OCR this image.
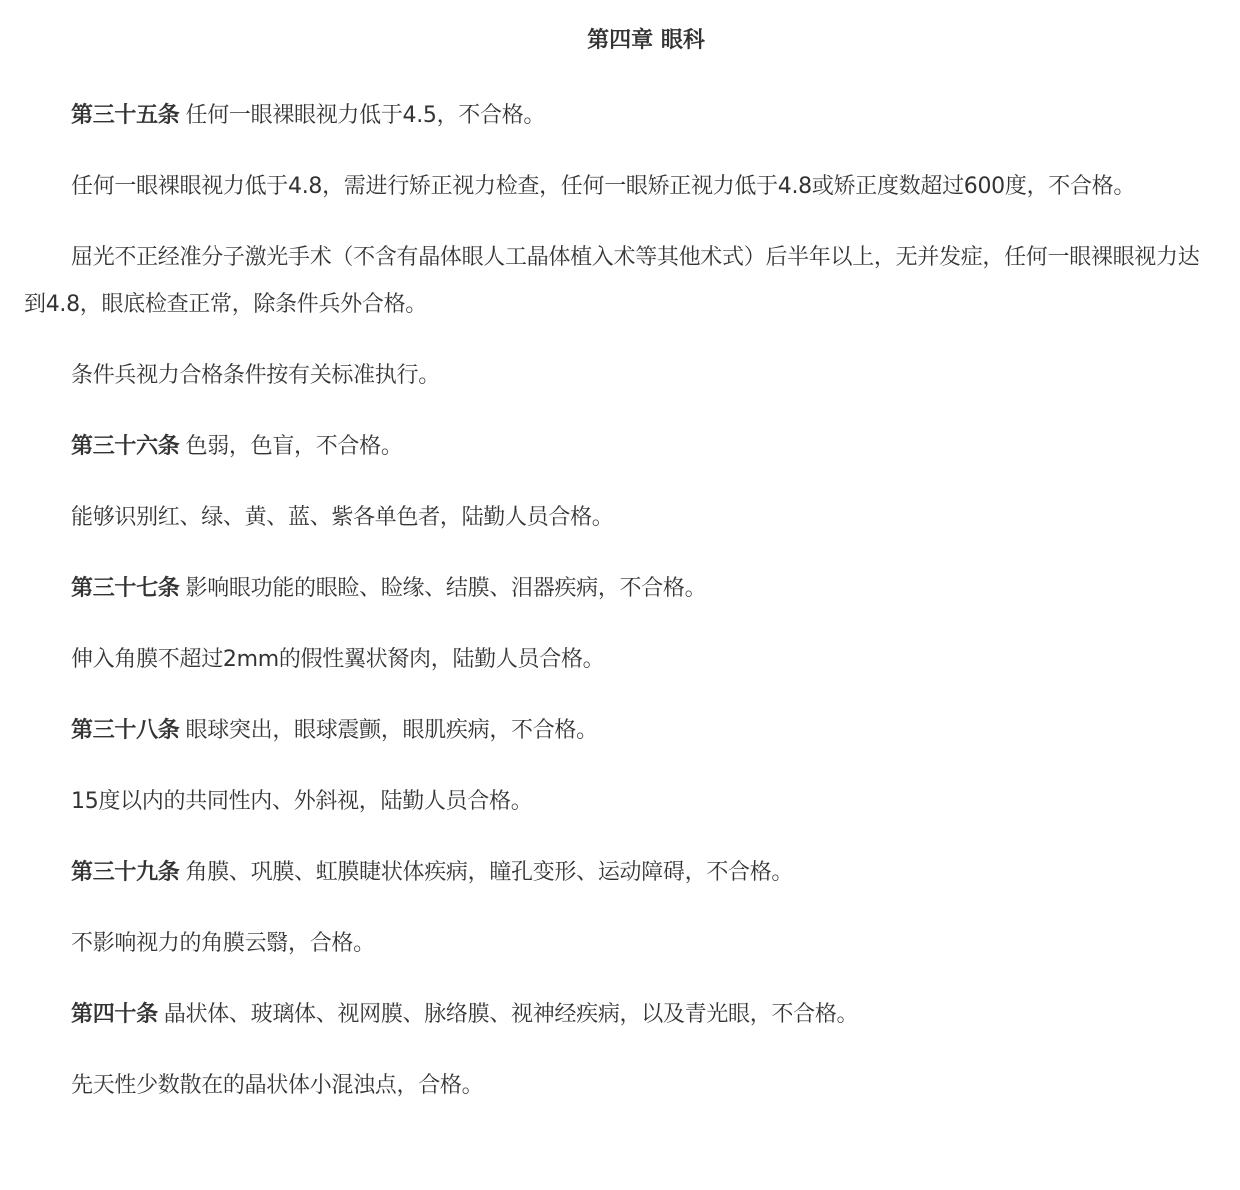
第四章 眼科

第三十五条 任何一眼裸眼视力低于4.5，不合格。

任何一眼裸眼视力低于4.8，需进行矫正视力检查，任何一眼矫正视力低于4.8或矫正度数超过600度，不合格。

屈光不正经准分子激光手术（不含有晶体眼人工晶体植入术等其他术式）后半年以上，无并发症，任何一眼裸眼视力达到4.8，眼底检查正常，除条件兵外合格。

条件兵视力合格条件按有关标准执行。

第三十六条 色弱，色盲，不合格。

能够识别红、绿、黄、蓝、紫各单色者，陆勤人员合格。

第三十七条 影响眼功能的眼睑、睑缘、结膜、泪器疾病，不合格。

伸入角膜不超过2mm的假性翼状胬肉，陆勤人员合格。

第三十八条 眼球突出，眼球震颤，眼肌疾病，不合格。

15度以内的共同性内、外斜视，陆勤人员合格。

第三十九条 角膜、巩膜、虹膜睫状体疾病，瞳孔变形、运动障碍，不合格。

不影响视力的角膜云翳，合格。

第四十条 晶状体、玻璃体、视网膜、脉络膜、视神经疾病，以及青光眼，不合格。

先天性少数散在的晶状体小混浊点，合格。
